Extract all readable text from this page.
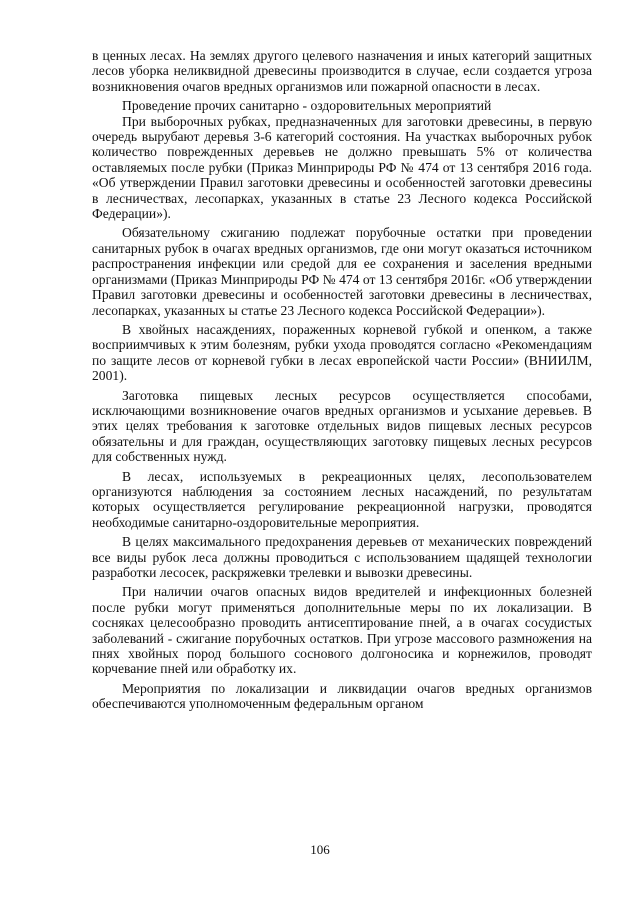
в ценных лесах. На землях другого целевого назначения и иных категорий защитных лесов уборка неликвидной древесины производится в случае, если создается угроза возникновения очагов вредных организмов или пожарной опасности в лесах.

Проведение прочих санитарно - оздоровительных мероприятий

При выборочных рубках, предназначенных для заготовки древесины, в первую очередь вырубают деревья 3-6 категорий состояния. На участках выборочных рубок количество поврежденных деревьев не должно превышать 5% от количества оставляемых после рубки (Приказ Минприроды РФ № 474 от 13 сентября 2016 года. «Об утверждении Правил заготовки древесины и особенностей заготовки древесины в лесничествах, лесопарках, указанных в статье 23 Лесного кодекса Российской Федерации»).

Обязательному сжиганию подлежат порубочные остатки при проведении санитарных рубок в очагах вредных организмов, где они могут оказаться источником распространения инфекции или средой для ее сохранения и заселения вредными организмами (Приказ Минприроды РФ № 474 от 13 сентября 2016г. «Об утверждении Правил заготовки древесины и особенностей заготовки древесины в лесничествах, лесопарках, указанных ы статье 23 Лесного кодекса Российской Федерации»).

В хвойных насаждениях, пораженных корневой губкой и опенком, а также восприимчивых к этим болезням, рубки ухода проводятся согласно «Рекомендациям по защите лесов от корневой губки в лесах европейской части России» (ВНИИЛМ, 2001).

Заготовка пищевых лесных ресурсов осуществляется способами, исключающими возникновение очагов вредных организмов и усыхание деревьев. В этих целях требования к заготовке отдельных видов пищевых лесных ресурсов обязательны и для граждан, осуществляющих заготовку пищевых лесных ресурсов для собственных нужд.

В лесах, используемых в рекреационных целях, лесопользователем организуются наблюдения за состоянием лесных насаждений, по результатам которых осуществляется регулирование рекреационной нагрузки, проводятся необходимые санитарно-оздоровительные мероприятия.

В целях максимального предохранения деревьев от механических повреждений все виды рубок леса должны проводиться с использованием щадящей технологии разработки лесосек, раскряжевки трелевки и вывозки древесины.

При наличии очагов опасных видов вредителей и инфекционных болезней после рубки могут применяться дополнительные меры по их локализации. В сосняках целесообразно проводить антисептирование пней, а в очагах сосудистых заболеваний - сжигание порубочных остатков. При угрозе массового размножения на пнях хвойных пород большого соснового долгоносика и корнежилов, проводят корчевание пней или обработку их.

Мероприятия по локализации и ликвидации очагов вредных организмов обеспечиваются уполномоченным федеральным органом

106
